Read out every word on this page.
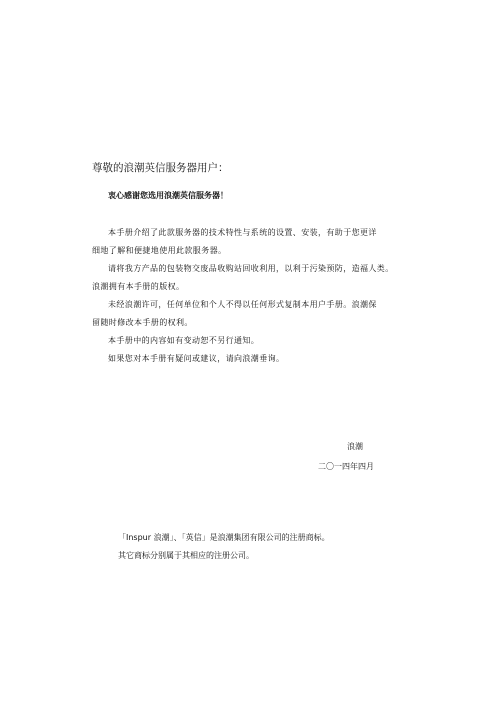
尊敬的浪潮英信服务器用户：
衷心感谢您选用浪潮英信服务器！
本手册介绍了此款服务器的技术特性与系统的设置、安装，有助于您更详
细地了解和便捷地使用此款服务器。
请将我方产品的包装物交废品收购站回收利用，以利于污染预防，造福人类。
浪潮拥有本手册的版权。
未经浪潮许可，任何单位和个人不得以任何形式复制本用户手册。浪潮保
留随时修改本手册的权利。
本手册中的内容如有变动恕不另行通知。
如果您对本手册有疑问或建议，请向浪潮垂询。
浪潮
二〇一四年四月
「Inspur 浪潮」、「英信」是浪潮集团有限公司的注册商标。
其它商标分别属于其相应的注册公司。
